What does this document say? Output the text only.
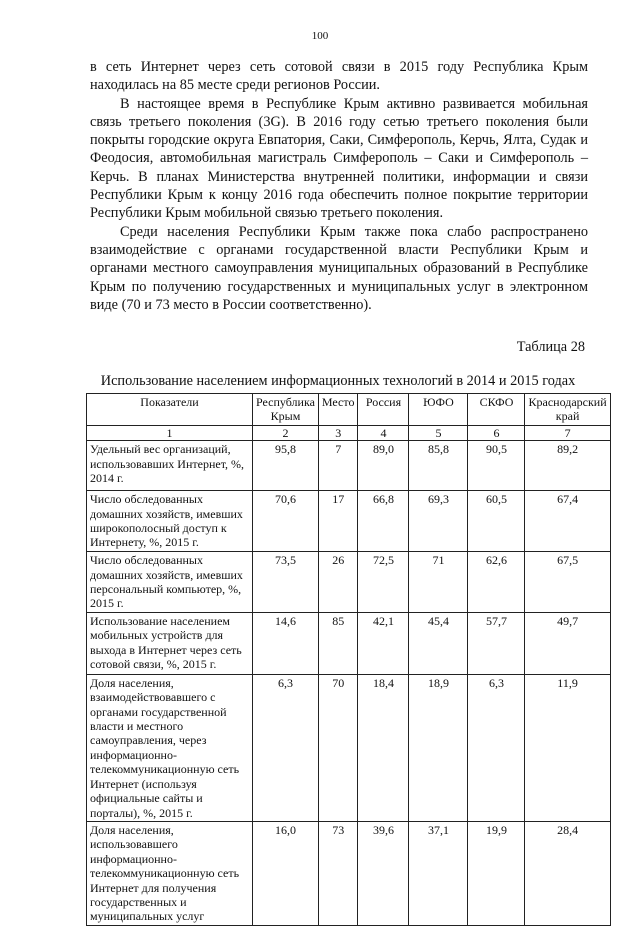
100

в сеть Интернет через сеть сотовой связи в 2015 году Республика Крым находилась на 85 месте среди регионов России.

В настоящее время в Республике Крым активно развивается мобильная связь третьего поколения (3G). В 2016 году сетью третьего поколения были покрыты городские округа Евпатория, Саки, Симферополь, Керчь, Ялта, Судак и Феодосия, автомобильная магистраль Симферополь – Саки и Симферополь – Керчь. В планах Министерства внутренней политики, информации и связи Республики Крым к концу 2016 года обеспечить полное покрытие территории Республики Крым мобильной связью третьего поколения.

Среди населения Республики Крым также пока слабо распространено взаимодействие с органами государственной власти Республики Крым и органами местного самоуправления муниципальных образований в Республике Крым по получению государственных и муниципальных услуг в электронном виде (70 и 73 место в России соответственно).

Таблица 28
Использование населением информационных технологий в 2014 и 2015 годах
Показатели	Республика Крым	Место	Россия	ЮФО	СКФО	Краснодарский край
1	2	3	4	5	6	7
Удельный вес организаций, использовавших Интернет, %, 2014 г.	95,8	7	89,0	85,8	90,5	89,2
Число обследованных домашних хозяйств, имевших широкополосный доступ к Интернету, %, 2015 г.	70,6	17	66,8	69,3	60,5	67,4
Число обследованных домашних хозяйств, имевших персональный компьютер, %, 2015 г.	73,5	26	72,5	71	62,6	67,5
Использование населением мобильных устройств для выхода в Интернет через сеть сотовой связи, %, 2015 г.	14,6	85	42,1	45,4	57,7	49,7
Доля населения, взаимодействовавшего с органами государственной власти и местного самоуправления, через информационно-телекоммуникационную сеть Интернет (используя официальные сайты и порталы), %, 2015 г.	6,3	70	18,4	18,9	6,3	11,9
Доля населения, использовавшего информационно-телекоммуникационную сеть Интернет для получения государственных и муниципальных услуг	16,0	73	39,6	37,1	19,9	28,4
